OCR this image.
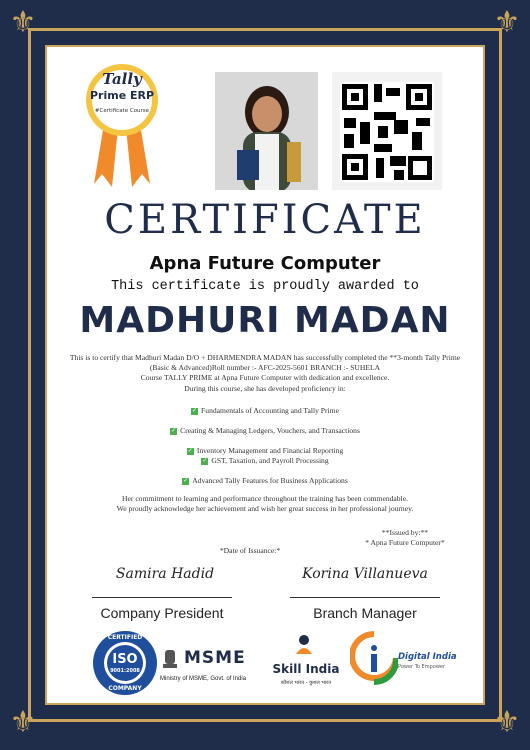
⚜	⚜
⚜	⚜
Tally
Prime ERP
#Certificate Course
CERTIFICATE
Apna Future Computer
This certificate is proudly awarded to
MADHURI MADAN
This is to certify that Madhuri Madan D/O + DHARMENDRA MADAN has successfully completed the **3-month Tally Prime
(Basic & Advanced)Roll number :- AFC-2025-5601 BRANCH :- SUHELA
Course TALLY PRIME at Apna Future Computer with dedication and excellence.
During this course, she has developed proficiency in:
✓ Fundamentals of Accounting and Tally Prime
✓ Creating & Managing Ledgers, Vouchers, and Transactions
✓ Inventory Management and Financial Reporting
✓ GST, Taxation, and Payroll Processing
✓ Advanced Tally Features for Business Applications
Her commitment to learning and performance throughout the training has been commendable.
We proudly acknowledge her achievement and wish her great success in her professional journey.
**Issued by:**
* Apna Future Computer*
*Date of Issuance:*
Samira Hadid
Company President
Korina Villanueva
Branch Manager
CERTIFIED
ISO
9001:2008
COMPANY
MSME
Ministry of MSME, Govt. of India
Skill India
कौशल भारत - कुशल भारत
Digital India
Power To Empower
